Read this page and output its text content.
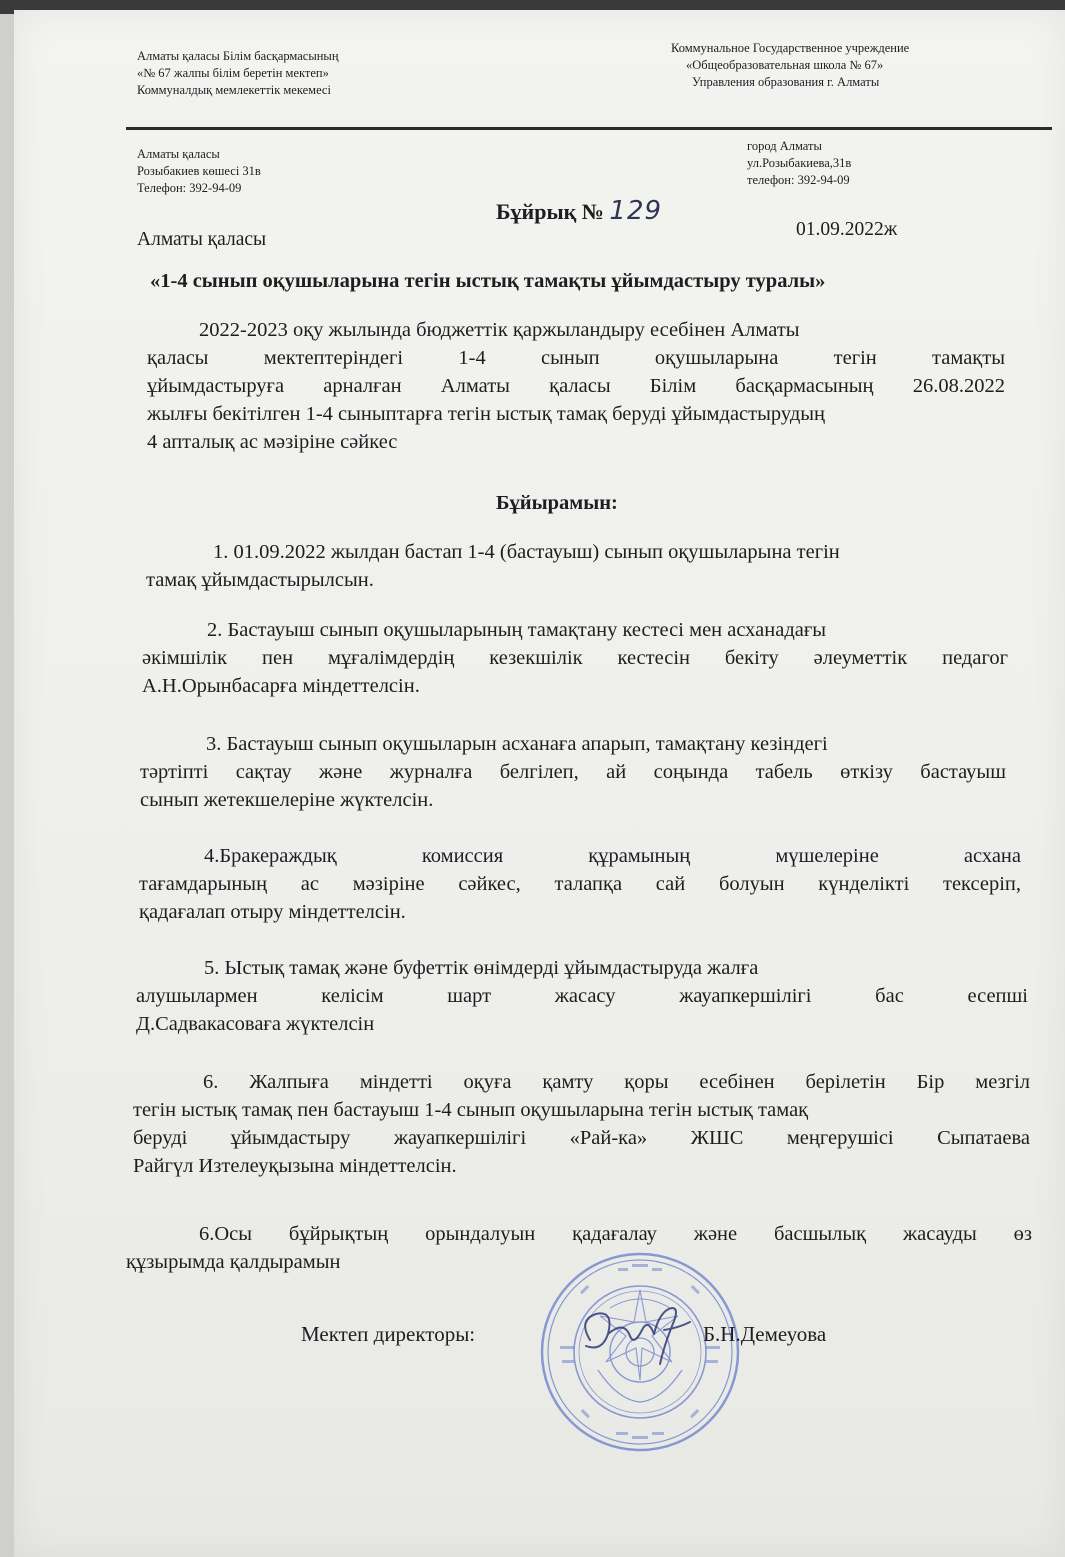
Алматы қаласы Білім басқармасының
«№ 67 жалпы білім беретін мектеп»
Коммуналдық мемлекеттік мекемесі
Коммунальное Государственное учреждение
«Общеобразовательная школа № 67»
Управления образования г. Алматы
Алматы қаласы
Розыбакиев көшесі 31в
Телефон: 392-94-09
город Алматы
ул.Розыбакиева,31в
телефон: 392-94-09
Бұйрық № 129
Алматы қаласы	01.09.2022ж
«1-4 сынып оқушыларына тегін ыстық тамақты ұйымдастыру туралы»
2022-2023 оқу жылында бюджеттік қаржыландыру есебінен Алматы
қаласы мектептеріндегі 1-4 сынып оқушыларына тегін тамақты
ұйымдастыруға арналған Алматы қаласы Білім басқармасының 26.08.2022
жылғы бекітілген 1-4 сыныптарға тегін ыстық тамақ беруді ұйымдастырудың
4 апталық ас мәзіріне сәйкес
Бұйырамын:
1. 01.09.2022 жылдан бастап 1-4 (бастауыш) сынып оқушыларына тегін
тамақ ұйымдастырылсын.
2. Бастауыш сынып оқушыларының тамақтану кестесі мен асханадағы
әкімшілік пен мұғалімдердің кезекшілік кестесін бекіту әлеуметтік педагог
А.Н.Орынбасарға міндеттелсін.
3. Бастауыш сынып оқушыларын асханаға апарып, тамақтану кезіндегі
тәртіпті сақтау және журналға белгілеп, ай соңында табель өткізу бастауыш
сынып жетекшелеріне жүктелсін.
4.Бракераждық комиссия құрамының мүшелеріне асхана
тағамдарының ас мәзіріне сәйкес, талапқа сай болуын күнделікті тексеріп,
қадағалап отыру міндеттелсін.
5. Ыстық тамақ және буфеттік өнімдерді ұйымдастыруда жалға
алушылармен келісім шарт жасасу жауапкершілігі бас есепші
Д.Садвакасоваға жүктелсін
6. Жалпыға міндетті оқуға қамту қоры есебінен берілетін Бір мезгіл
тегін ыстық тамақ пен бастауыш 1-4 сынып оқушыларына тегін ыстық тамақ
беруді ұйымдастыру жауапкершілігі «Рай-ка» ЖШС меңгерушісі Сыпатаева
Райгүл Изтелеуқызына міндеттелсін.
6.Осы бұйрықтың орындалуын қадағалау және басшылық жасауды өз
құзырымда қалдырамын
Мектеп директоры:	Б.Н.Демеуова
